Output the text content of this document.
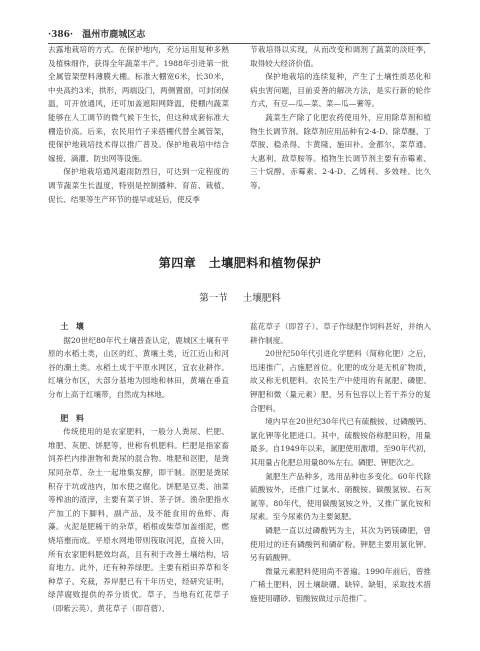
·386· 温州市鹿城区志

去露地栽培的方式。在保护地内，充分运用复种多熟及植株细作，获得全年蔬菜丰产。1988年引进第一批全属管架塑料薄膜大棚。标准大棚宽6米，长30米，中央高约3米，拱形，两端设门，两侧置窗，可封闭保温，可开放通风，还可加盖遮阳网降温，使棚内蔬菜能够在人工调节的微气候下生长，但这种成套标准大棚造价高。后来，农民用竹子来搭棚代替全属管架，使保护地栽培技术得以推广普及。保护地栽培中结合嫁接、滴灌、防虫网等设施。

保护地栽培通风避雨防烈日，可达到一定程度的调节蔬菜生长温度，特别是控制播种、育苗、栽植、促长、结果等生产环节的提早或延后，使反季

节栽培得以实现，从而改变和调剂了蔬菜的淡旺季，取得较大经济价值。

保护地栽培的连续复种，产生了土壤性质恶化和病虫害问题，目前妥善的解决方法，是实行新的轮作方式，有豆—瓜—菜、菜—瓜—薯等。

蔬菜生产除了化肥农药使用外，应用除草剂和植物生长调节剂。除草剂应用品种有2·4-D、除草醚、丁草胺、稳杀得、卞黄隆、施田补、金都尔、菜草通、大惠利、敌草胺等。植物生长调节剂主要有赤霉素、三十烷醇、赤霉素、2·4-D、乙烯利、多效唑、比久等。

第四章　土壤肥料和植物保护
第一节 土壤肥料
土　壤

据20世纪80年代土壤普查认定，鹿城区土壤有平原的水稻土类，山区的红、黄壤土类，近江近山和河谷的潮土类。水稻土成于平原水网区，宜农业耕作。红壤分布区，大部分基地为园地和林田，黄壤在垂直分布上高于红壤带，自然成为林地。

肥　料

传统使用的是农家肥料，一般分人粪尿、栏肥、堆肥、灰肥、饼肥等，世称有机肥料。栏肥是指家畜饲养栏内排泄物和粪尿的混合物。堆肥和沤肥，是粪尿同杂草、杂土一起堆集发酵，即干制。沤肥是粪尿积存于坑或池内，加水使之腐化。饼肥是豆类、油菜等榨油的渣滓，主要有菜子饼、茶子饼。渔杂肥指水产加工的下脚料，副产品，及不能食用的鱼虾、海藻。火泥是肥稀干的杂草，稻根或柴草加盖细泥，燃烧培壅而成。平原水网地带则筏取河泥，直接入田，所有农家肥料肥效均高，且有利于改善土壤结构，培育地力。此外，还有种养绿肥。主要有稻田养草和冬种草子。充裁，养岸肥已有千年历史，经研究证明，绿萍腐败提供的养分质优。草子，当地有红花草子（即紫云英）、黄花草子（即苜蓿）、

蓝花草子（即苕子）。草子作绿肥作饲料甚好，并纳入耕作制度。

20世纪50年代引进化学肥料（简称化肥）之后，迅速推广，占施肥首位。化肥的成分是无机矿物质，故又称无机肥料。农民生产中使用的有氮肥、磷肥、钾肥和微（量元素）肥，另有包容以上若干养分的复合肥料。

境内早在20世纪30年代已有硫酸铵、过磷酸钙、氯化钾等化肥进口。其中，硫酸铵俗称肥田粉，用量最多。自1949年以来，氮肥使用激增，至90年代初，其用量占化肥总用量80%左右。磷肥、钾肥次之。

氮肥生产品种多，选用品种也多变化。60年代除硫酸铵外，还推广过氯水、硝酸铵、碳酸氢铵、石灰氮等。80年代，使用碳酸氢铵之外，又推广氯化铵和尿素。至今尿素仍为主要氮肥。

磷肥一直以过磷酸钙为主，其次为钙镁磷肥，曾使用过的还有磷酸钙和磷矿粉。钾肥主要用氯化钾、另有硫酸钾。

微量元素肥料使用尚不普遍。1990年前后，曾推广稀土肥料，因土壤缺硼、缺锌、缺钼，采取技术措施使用硼砂、钼酸铵做过示范推广。
